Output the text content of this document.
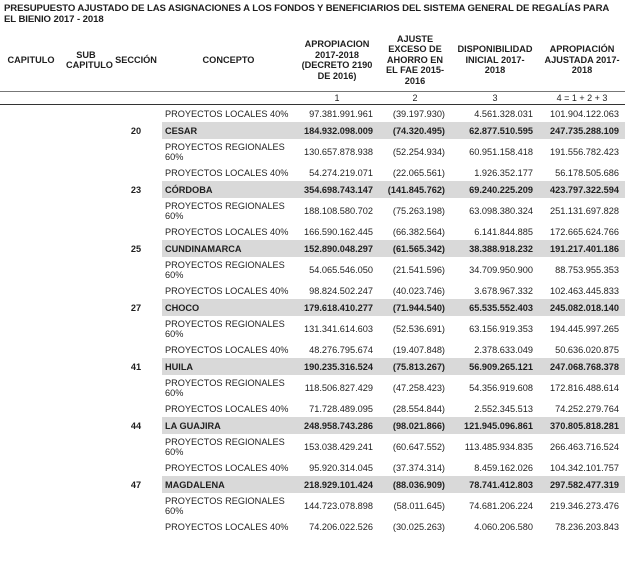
PRESUPUESTO AJUSTADO DE LAS ASIGNACIONES A LOS FONDOS Y BENEFICIARIOS DEL SISTEMA GENERAL DE REGALÍAS PARA EL BIENIO 2017 - 2018
CAPITULO	SUB CAPITULO	SECCIÓN	CONCEPTO	APROPIACION 2017-2018 (DECRETO 2190 DE 2016)	AJUSTE EXCESO DE AHORRO EN EL FAE 2015-2016	DISPONIBILIDAD INICIAL 2017-2018	APROPIACIÓN AJUSTADA 2017-2018
				1	2	3	4 = 1 + 2 + 3
			PROYECTOS LOCALES 40%	97.381.991.961	(39.197.930)	4.561.328.031	101.904.122.063
		20	CESAR	184.932.098.009	(74.320.495)	62.877.510.595	247.735.288.109
			PROYECTOS REGIONALES 60%	130.657.878.938	(52.254.934)	60.951.158.418	191.556.782.423
			PROYECTOS LOCALES 40%	54.274.219.071	(22.065.561)	1.926.352.177	56.178.505.686
		23	CÓRDOBA	354.698.743.147	(141.845.762)	69.240.225.209	423.797.322.594
			PROYECTOS REGIONALES 60%	188.108.580.702	(75.263.198)	63.098.380.324	251.131.697.828
			PROYECTOS LOCALES 40%	166.590.162.445	(66.382.564)	6.141.844.885	172.665.624.766
		25	CUNDINAMARCA	152.890.048.297	(61.565.342)	38.388.918.232	191.217.401.186
			PROYECTOS REGIONALES 60%	54.065.546.050	(21.541.596)	34.709.950.900	88.753.955.353
			PROYECTOS LOCALES 40%	98.824.502.247	(40.023.746)	3.678.967.332	102.463.445.833
		27	CHOCO	179.618.410.277	(71.944.540)	65.535.552.403	245.082.018.140
			PROYECTOS REGIONALES 60%	131.341.614.603	(52.536.691)	63.156.919.353	194.445.997.265
			PROYECTOS LOCALES 40%	48.276.795.674	(19.407.848)	2.378.633.049	50.636.020.875
		41	HUILA	190.235.316.524	(75.813.267)	56.909.265.121	247.068.768.378
			PROYECTOS REGIONALES 60%	118.506.827.429	(47.258.423)	54.356.919.608	172.816.488.614
			PROYECTOS LOCALES 40%	71.728.489.095	(28.554.844)	2.552.345.513	74.252.279.764
		44	LA GUAJIRA	248.958.743.286	(98.021.866)	121.945.096.861	370.805.818.281
			PROYECTOS REGIONALES 60%	153.038.429.241	(60.647.552)	113.485.934.835	266.463.716.524
			PROYECTOS LOCALES 40%	95.920.314.045	(37.374.314)	8.459.162.026	104.342.101.757
		47	MAGDALENA	218.929.101.424	(88.036.909)	78.741.412.803	297.582.477.319
			PROYECTOS REGIONALES 60%	144.723.078.898	(58.011.645)	74.681.206.224	219.346.273.476
			PROYECTOS LOCALES 40%	74.206.022.526	(30.025.263)	4.060.206.580	78.236.203.843
